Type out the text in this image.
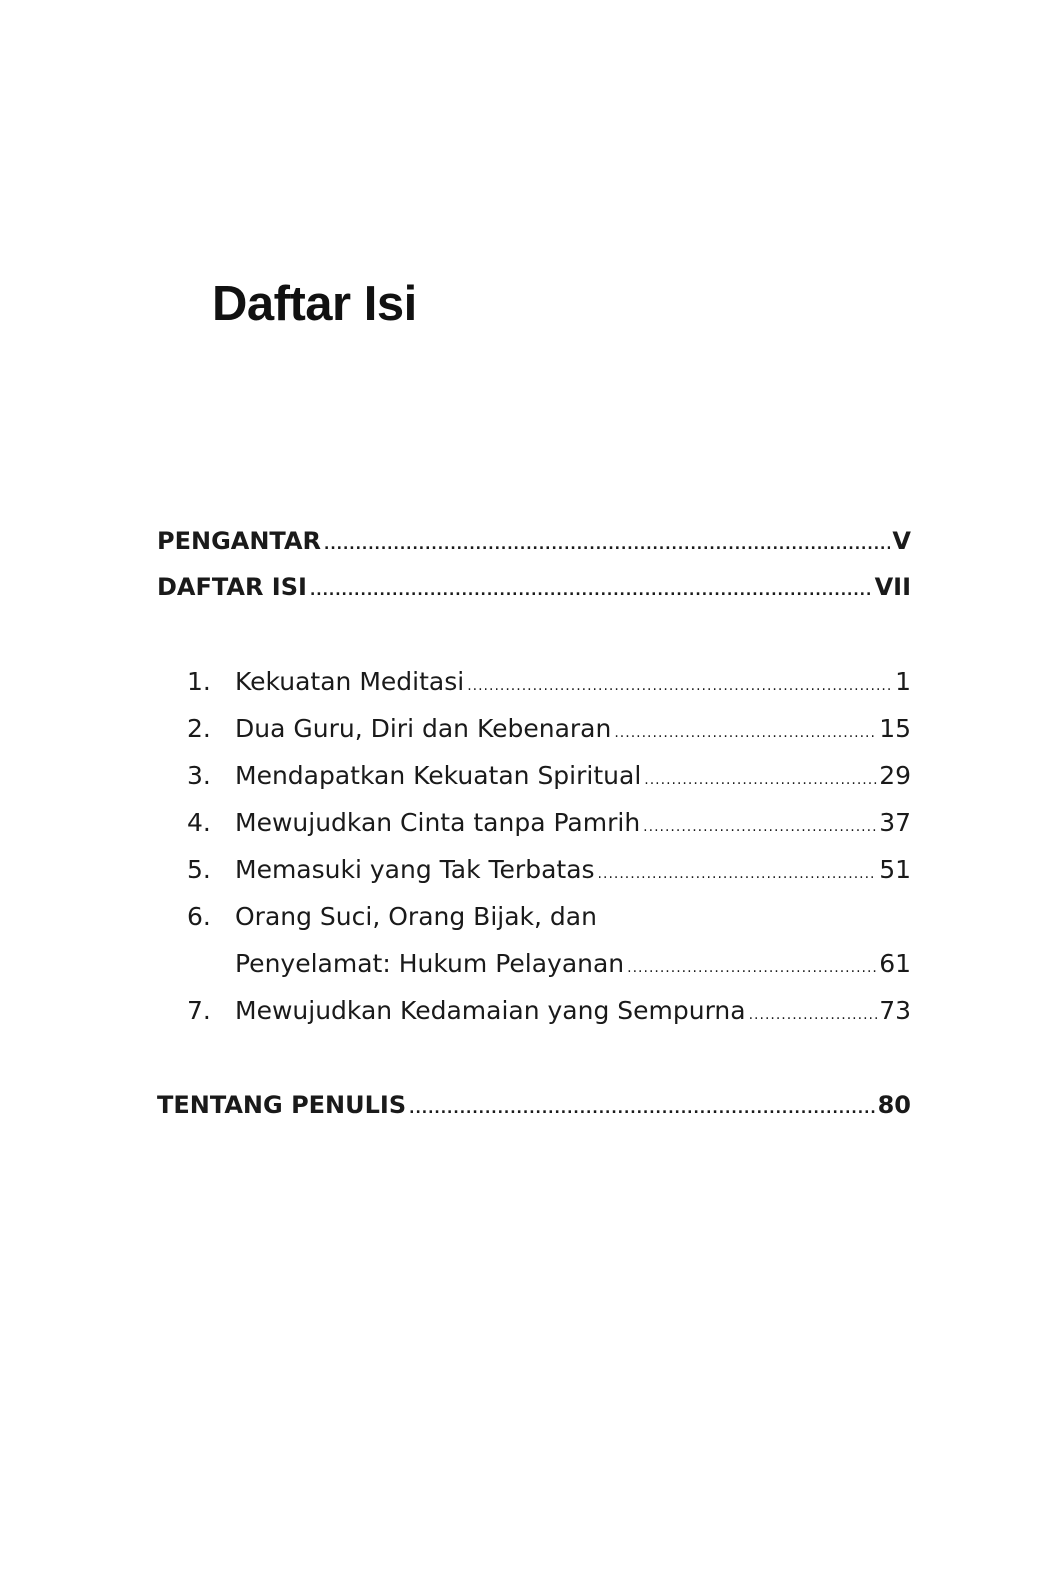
Daftar Isi
PENGANTAR .....	V
DAFTAR ISI .....	VII
1. Kekuatan Meditasi .....	1
2. Dua Guru, Diri dan Kebenaran .....	15
3. Mendapatkan Kekuatan Spiritual .....	29
4. Mewujudkan Cinta tanpa Pamrih .....	37
5. Memasuki yang Tak Terbatas .....	51
6. Orang Suci, Orang Bijak, dan
Penyelamat: Hukum Pelayanan .....	61
7. Mewujudkan Kedamaian yang Sempurna .....	73
TENTANG PENULIS .....	80
